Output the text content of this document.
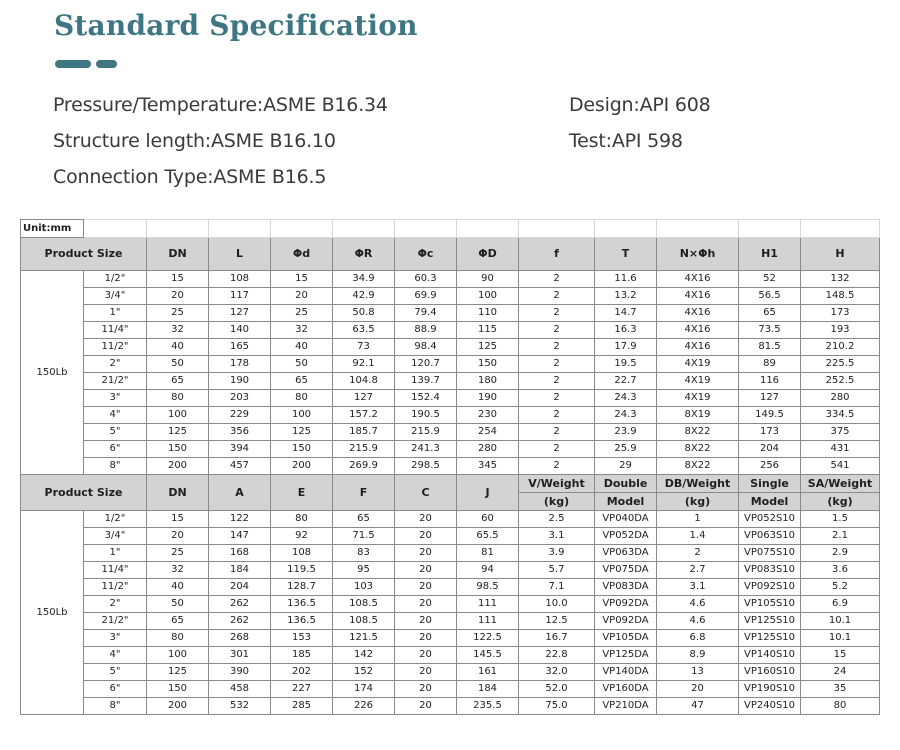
Standard Specification
Pressure/Temperature:ASME B16.34
Structure length:ASME B16.10
Connection Type:ASME B16.5
Design:API 608
Test:API 598
Unit:mm												
Product Size		DN	L	Φd	ΦR	Φc	ΦD	f	T	N×Φh	H1	H
150Lb	1/2"	15	108	15	34.9	60.3	90	2	11.6	4X16	52	132
	3/4"	20	117	20	42.9	69.9	100	2	13.2	4X16	56.5	148.5
	1"	25	127	25	50.8	79.4	110	2	14.7	4X16	65	173
	11/4"	32	140	32	63.5	88.9	115	2	16.3	4X16	73.5	193
	11/2"	40	165	40	73	98.4	125	2	17.9	4X16	81.5	210.2
	2"	50	178	50	92.1	120.7	150	2	19.5	4X19	89	225.5
	21/2"	65	190	65	104.8	139.7	180	2	22.7	4X19	116	252.5
	3"	80	203	80	127	152.4	190	2	24.3	4X19	127	280
	4"	100	229	100	157.2	190.5	230	2	24.3	8X19	149.5	334.5
	5"	125	356	125	185.7	215.9	254	2	23.9	8X22	173	375
	6"	150	394	150	215.9	241.3	280	2	25.9	8X22	204	431
	8"	200	457	200	269.9	298.5	345	2	29	8X22	256	541
Product Size		DN	A	E	F	C	J	V/Weight	Double	DB/Weight	Single	SA/Weight
								(kg)	Model	(kg)	Model	(kg)
150Lb	1/2"	15	122	80	65	20	60	2.5	VP040DA	1	VP052S10	1.5
	3/4"	20	147	92	71.5	20	65.5	3.1	VP052DA	1.4	VP063S10	2.1
	1"	25	168	108	83	20	81	3.9	VP063DA	2	VP075S10	2.9
	11/4"	32	184	119.5	95	20	94	5.7	VP075DA	2.7	VP083S10	3.6
	11/2"	40	204	128.7	103	20	98.5	7.1	VP083DA	3.1	VP092S10	5.2
	2"	50	262	136.5	108.5	20	111	10.0	VP092DA	4.6	VP105S10	6.9
	21/2"	65	262	136.5	108.5	20	111	12.5	VP092DA	4.6	VP125S10	10.1
	3"	80	268	153	121.5	20	122.5	16.7	VP105DA	6.8	VP125S10	10.1
	4"	100	301	185	142	20	145.5	22.8	VP125DA	8.9	VP140S10	15
	5"	125	390	202	152	20	161	32.0	VP140DA	13	VP160S10	24
	6"	150	458	227	174	20	184	52.0	VP160DA	20	VP190S10	35
	8"	200	532	285	226	20	235.5	75.0	VP210DA	47	VP240S10	80
